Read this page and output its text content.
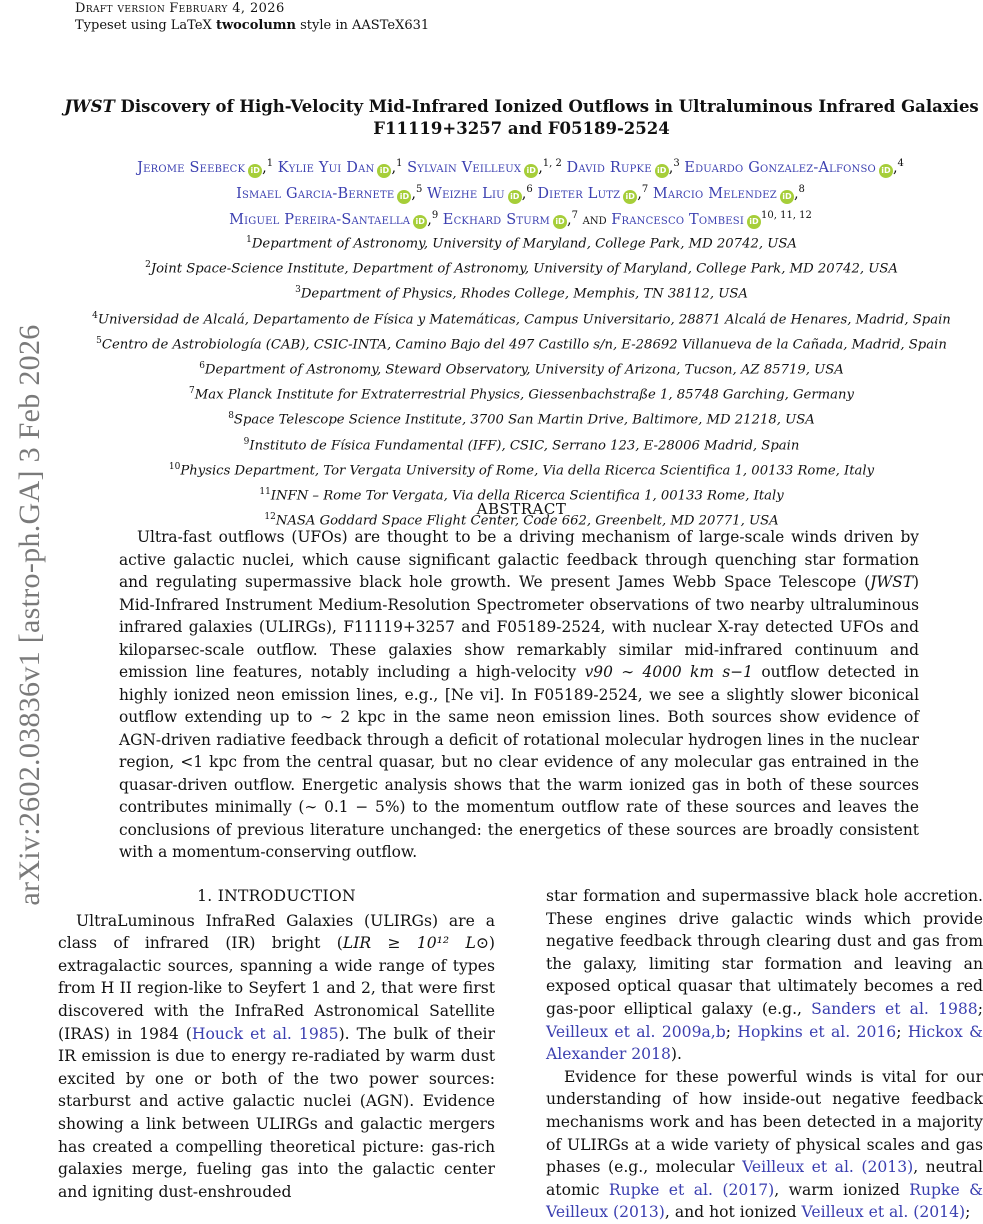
Draft version February 4, 2026
Typeset using LaTeX twocolumn style in AASTeX631
arXiv:2602.03836v1 [astro-ph.GA] 3 Feb 2026
JWST Discovery of High-Velocity Mid-Infrared Ionized Outflows in Ultraluminous Infrared Galaxies
F11119+3257 and F05189-2524
Jerome Seebeck iD ,$^1$ Kylie Yui Dan iD ,$^1$ Sylvain Veilleux iD ,$^{1, 2}$ David Rupke iD ,$^3$ Eduardo Gonzalez-Alfonso iD ,$^4$
Ismael Garcia-Bernete iD ,$^5$ Weizhe Liu iD ,$^6$ Dieter Lutz iD ,$^7$ Marcio Melendez iD ,$^8$
Miguel Pereira-Santaella iD ,$^9$ Eckhard Sturm iD ,$^7$ and Francesco Tombesi iD$^{10, 11, 12}$
$^1$Department of Astronomy, University of Maryland, College Park, MD 20742, USA
$^2$Joint Space-Science Institute, Department of Astronomy, University of Maryland, College Park, MD 20742, USA
$^3$Department of Physics, Rhodes College, Memphis, TN 38112, USA
$^4$Universidad de Alcalá, Departamento de Física y Matemáticas, Campus Universitario, 28871 Alcalá de Henares, Madrid, Spain
$^5$Centro de Astrobiología (CAB), CSIC-INTA, Camino Bajo del 497 Castillo s/n, E-28692 Villanueva de la Cañada, Madrid, Spain
$^6$Department of Astronomy, Steward Observatory, University of Arizona, Tucson, AZ 85719, USA
$^7$Max Planck Institute for Extraterrestrial Physics, Giessenbachstraße 1, 85748 Garching, Germany
$^8$Space Telescope Science Institute, 3700 San Martin Drive, Baltimore, MD 21218, USA
$^9$Instituto de Física Fundamental (IFF), CSIC, Serrano 123, E-28006 Madrid, Spain
$^{10}$Physics Department, Tor Vergata University of Rome, Via della Ricerca Scientifica 1, 00133 Rome, Italy
$^{11}$INFN – Rome Tor Vergata, Via della Ricerca Scientifica 1, 00133 Rome, Italy
$^{12}$NASA Goddard Space Flight Center, Code 662, Greenbelt, MD 20771, USA
ABSTRACT

Ultra-fast outflows (UFOs) are thought to be a driving mechanism of large-scale winds driven by active galactic nuclei, which cause significant galactic feedback through quenching star formation and regulating supermassive black hole growth. We present James Webb Space Telescope (JWST) Mid-Infrared Instrument Medium-Resolution Spectrometer observations of two nearby ultraluminous infrared galaxies (ULIRGs), F11119+3257 and F05189-2524, with nuclear X-ray detected UFOs and kiloparsec-scale outflow. These galaxies show remarkably similar mid-infrared continuum and emission line features, notably including a high-velocity v90 ∼ 4000 km s−1 outflow detected in highly ionized neon emission lines, e.g., [Ne vi]. In F05189-2524, we see a slightly slower biconical outflow extending up to ∼ 2 kpc in the same neon emission lines. Both sources show evidence of AGN-driven radiative feedback through a deficit of rotational molecular hydrogen lines in the nuclear region, <1 kpc from the central quasar, but no clear evidence of any molecular gas entrained in the quasar-driven outflow. Energetic analysis shows that the warm ionized gas in both of these sources contributes minimally (∼ 0.1 − 5%) to the momentum outflow rate of these sources and leaves the conclusions of previous literature unchanged: the energetics of these sources are broadly consistent with a momentum-conserving outflow.

1. INTRODUCTION

UltraLuminous InfraRed Galaxies (ULIRGs) are a class of infrared (IR) bright (LIR ≥ 10¹² L⊙) extragalactic sources, spanning a wide range of types from H II region-like to Seyfert 1 and 2, that were first discovered with the InfraRed Astronomical Satellite (IRAS) in 1984 (Houck et al. 1985). The bulk of their IR emission is due to energy re-radiated by warm dust excited by one or both of the two power sources: starburst and active galactic nuclei (AGN). Evidence showing a link between ULIRGs and galactic mergers has created a compelling theoretical picture: gas-rich galaxies merge, fueling gas into the galactic center and igniting dust-enshrouded

star formation and supermassive black hole accretion. These engines drive galactic winds which provide negative feedback through clearing dust and gas from the galaxy, limiting star formation and leaving an exposed optical quasar that ultimately becomes a red gas-poor elliptical galaxy (e.g., Sanders et al. 1988; Veilleux et al. 2009a,b; Hopkins et al. 2016; Hickox & Alexander 2018).

Evidence for these powerful winds is vital for our understanding of how inside-out negative feedback mechanisms work and has been detected in a majority of ULIRGs at a wide variety of physical scales and gas phases (e.g., molecular Veilleux et al. (2013), neutral atomic Rupke et al. (2017), warm ionized Rupke & Veilleux (2013), and hot ionized Veilleux et al. (2014);
